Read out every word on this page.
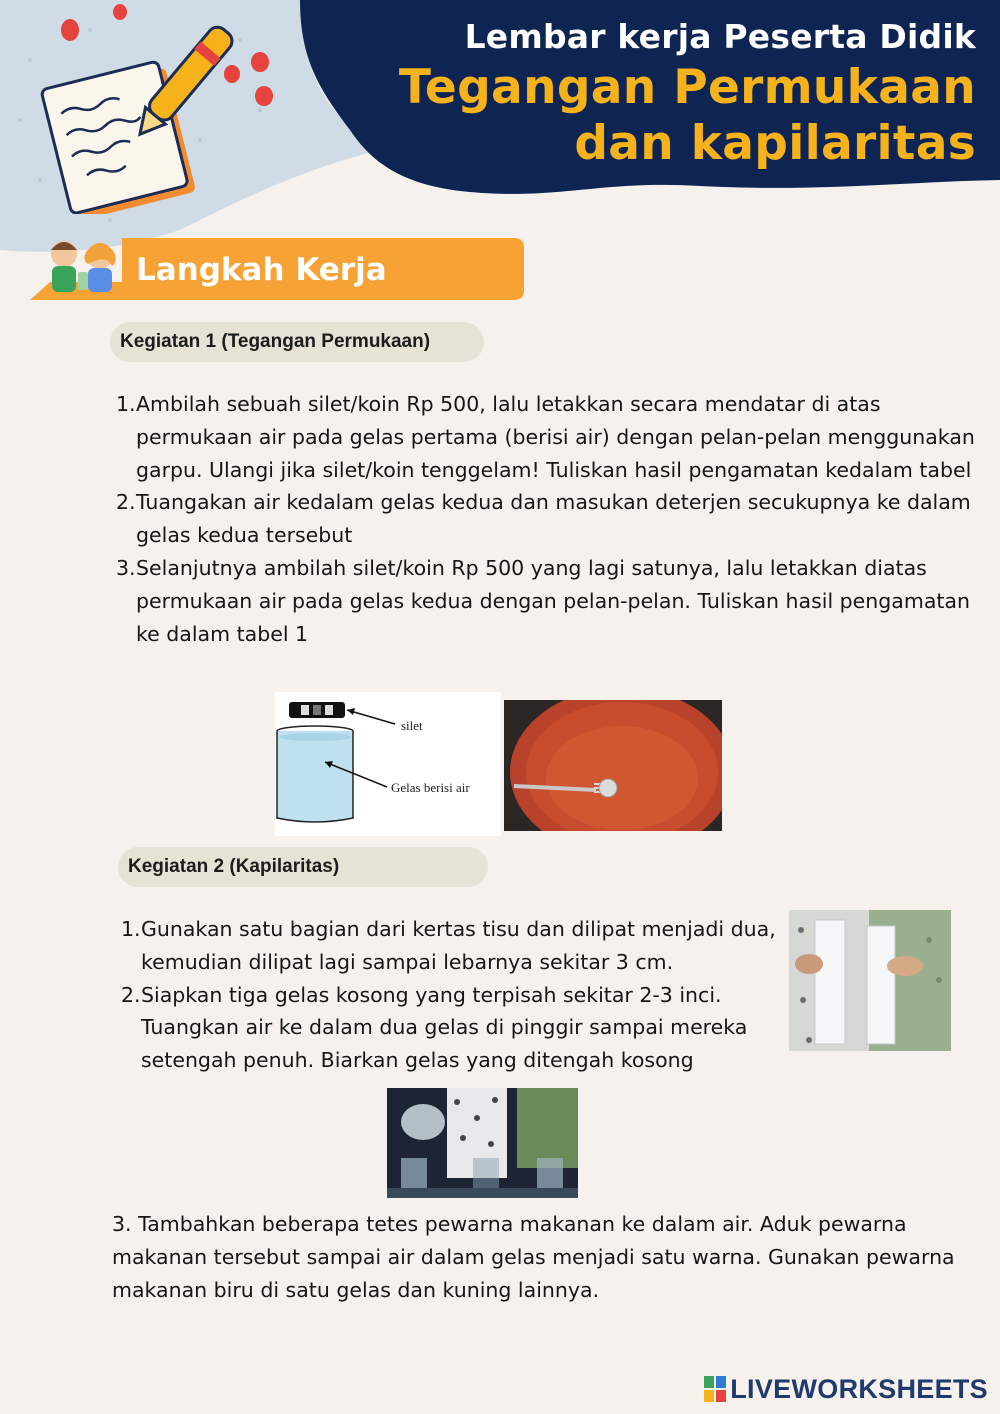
Lembar kerja Peserta Didik
Tegangan Permukaan
dan kapilaritas
Langkah Kerja
Kegiatan 1 (Tegangan Permukaan)
1. Ambilah sebuah silet/koin Rp 500, lalu letakkan secara mendatar di atas permukaan air pada gelas pertama (berisi air) dengan pelan-pelan menggunakan garpu. Ulangi jika silet/koin tenggelam! Tuliskan hasil pengamatan kedalam tabel
2. Tuangakan air kedalam gelas kedua dan masukan deterjen secukupnya ke dalam gelas kedua tersebut
3. Selanjutnya ambilah silet/koin Rp 500 yang lagi satunya, lalu letakkan diatas permukaan air pada gelas kedua dengan pelan-pelan. Tuliskan hasil pengamatan ke dalam tabel 1
silet
Gelas berisi air
Kegiatan 2 (Kapilaritas)
1. Gunakan satu bagian dari kertas tisu dan dilipat menjadi dua, kemudian dilipat lagi sampai lebarnya sekitar 3 cm.
2. Siapkan tiga gelas kosong yang terpisah sekitar 2-3 inci. Tuangkan air ke dalam dua gelas di pinggir sampai mereka setengah penuh. Biarkan gelas yang ditengah kosong
3. Tambahkan beberapa tetes pewarna makanan ke dalam air. Aduk pewarna makanan tersebut sampai air dalam gelas menjadi satu warna. Gunakan pewarna makanan biru di satu gelas dan kuning lainnya.
LIVEWORKSHEETS
